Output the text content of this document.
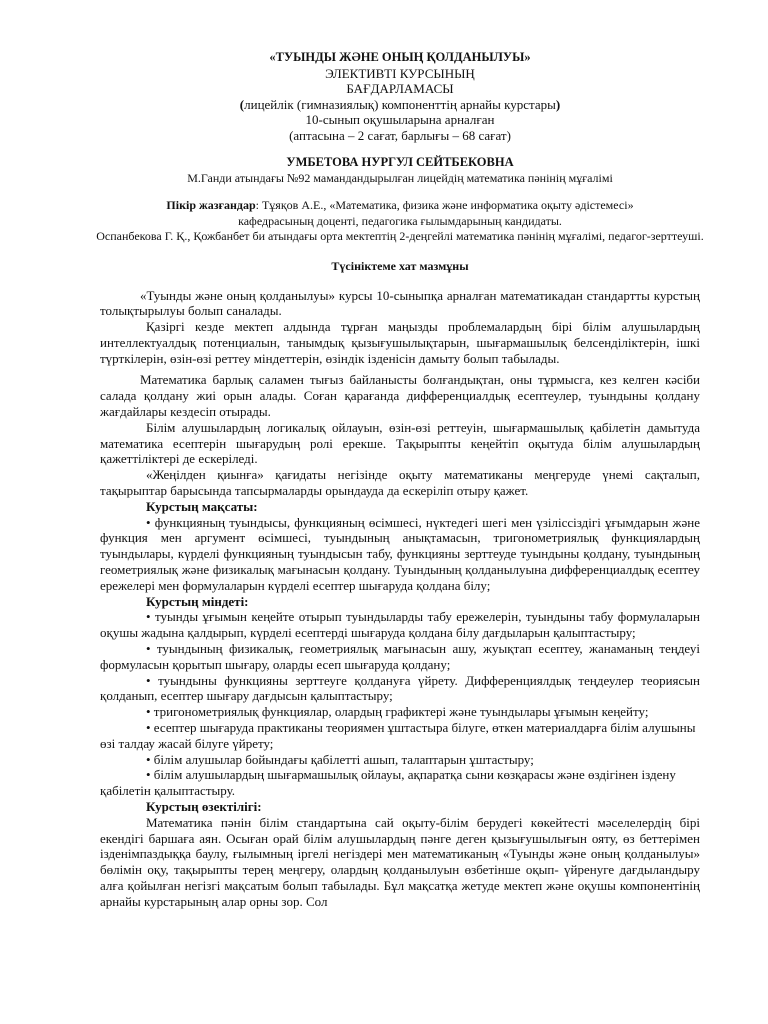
«ТУЫНДЫ ЖӘНЕ ОНЫҢ ҚОЛДАНЫЛУЫ»
ЭЛЕКТИВТІ КУРСЫНЫҢ
БАҒДАРЛАМАСЫ
(лицейлік (гимназиялық) компоненттің арнайы курстары)
10-сынып оқушыларына арналған
(аптасына – 2 сағат, барлығы – 68 сағат)
УМБЕТОВА НУРГУЛ СЕЙТБЕКОВНА
М.Ганди атындағы №92 мамандандырылған лицейдің математика пәнінің мұғалімі
Пікір жазғандар: Тұяқов А.Е., «Математика, физика және информатика оқыту әдістемесі»
кафедрасының доценті, педагогика ғылымдарының кандидаты.
Оспанбекова Г. Қ., Қожбанбет би атындағы орта мектептің 2-деңгейлі математика пәнінің мұғалімі, педагог-зерттеуші.
Түсініктеме хат мазмұны

«Туынды және оның қолданылуы» курсы 10-сыныпқа арналған математикадан стандартты курстың толықтырылуы болып саналады.

Қазіргі кезде мектеп алдында тұрған маңызды проблемалардың бірі білім алушылардың интеллектуалдық потенциалын, танымдық қызығушылықтарын, шығармашылық белсенділіктерін, ішкі түрткілерін, өзін-өзі реттеу міндеттерін, өзіндік ізденісін дамыту болып табылады.

Математика барлық саламен тығыз байланысты болғандықтан, оны тұрмысга, кез келген кәсіби салада қолдану жиі орын алады. Соған қарағанда дифференциалдық есептеулер, туындыны қолдану жағдайлары кездесіп отырады.

Білім алушылардың логикалық ойлауын, өзін-өзі реттеуін, шығармашылық қабілетін дамытуда математика есептерін шығарудың ролі ерекше. Тақырыпты кеңейтіп оқытуда білім алушылардың қажеттіліктері де ескеріледі.

«Жеңілден қиынға» қағидаты негізінде оқыту математиканы меңгеруде үнемі сақталып, тақырыптар барысында тапсырмаларды орындауда да ескеріліп отыру қажет.

Курстың мақсаты:

• функцияның туындысы, функцияның өсімшесі, нүктедегі шегі мен үзіліссіздігі ұғымдарын және функция мен аргумент өсімшесі, туындының анықтамасын, тригонометриялық функциялардың туындылары, күрделі функцияның туындысын табу, функцияны зерттеуде туындыны қолдану, туындының геометриялық және физикалық мағынасын қолдану. Туындының қолданылуына дифференциалдық есептеу ережелері мен формулаларын күрделі есептер шығаруда қолдана білу;

Курстың міндеті:

• туынды ұғымын кеңейте отырып туындыларды табу ережелерін, туындыны табу формулаларын оқушы жадына қалдырып, күрделі есептерді шығаруда қолдана білу дағдыларын қалыптастыру;

• туындының физикалық, геометриялық мағынасын ашу, жуықтап есептеу, жанаманың теңдеуі формуласын қорытып шығару, оларды есеп шығаруда қолдану;

• туындыны функцияны зерттеуге қолдануға үйрету. Дифференциялдық теңдеулер теориясын қолданып, есептер шығару дағдысын қалыптастыру;

• тригонометриялық функциялар, олардың графиктері және туындылары ұғымын кеңейту;

• есептер шығаруда практиканы теориямен ұштастыра білуге, өткен материалдарға білім алушыны өзі талдау жасай білуге үйрету;

• білім алушылар бойындағы қабілетті ашып, талаптарын ұштастыру;

• білім алушылардың шығармашылық ойлауы, ақпаратқа сыни көзқарасы және өздігінен іздену қабілетін қалыптастыру.

Курстың өзектілігі:

Математика пәнін білім стандартына сай оқыту-білім берудегі көкейтесті мәселелердің бірі екендігі баршаға аян. Осыған орай білім алушылардың пәнге деген қызығушылығын ояту, өз беттерімен ізденімпаздыққа баулу, ғылымның іргелі негіздері мен математиканың «Туынды және оның қолданылуы» бөлімін оқу, тақырыпты терең меңгеру, олардың қолданылуын өзбетінше оқып- үйренуге дағдыландыру алға қойылған негізгі мақсатым болып табылады. Бұл мақсатқа жетуде мектеп және оқушы компонентінің арнайы курстарының алар орны зор. Сол
